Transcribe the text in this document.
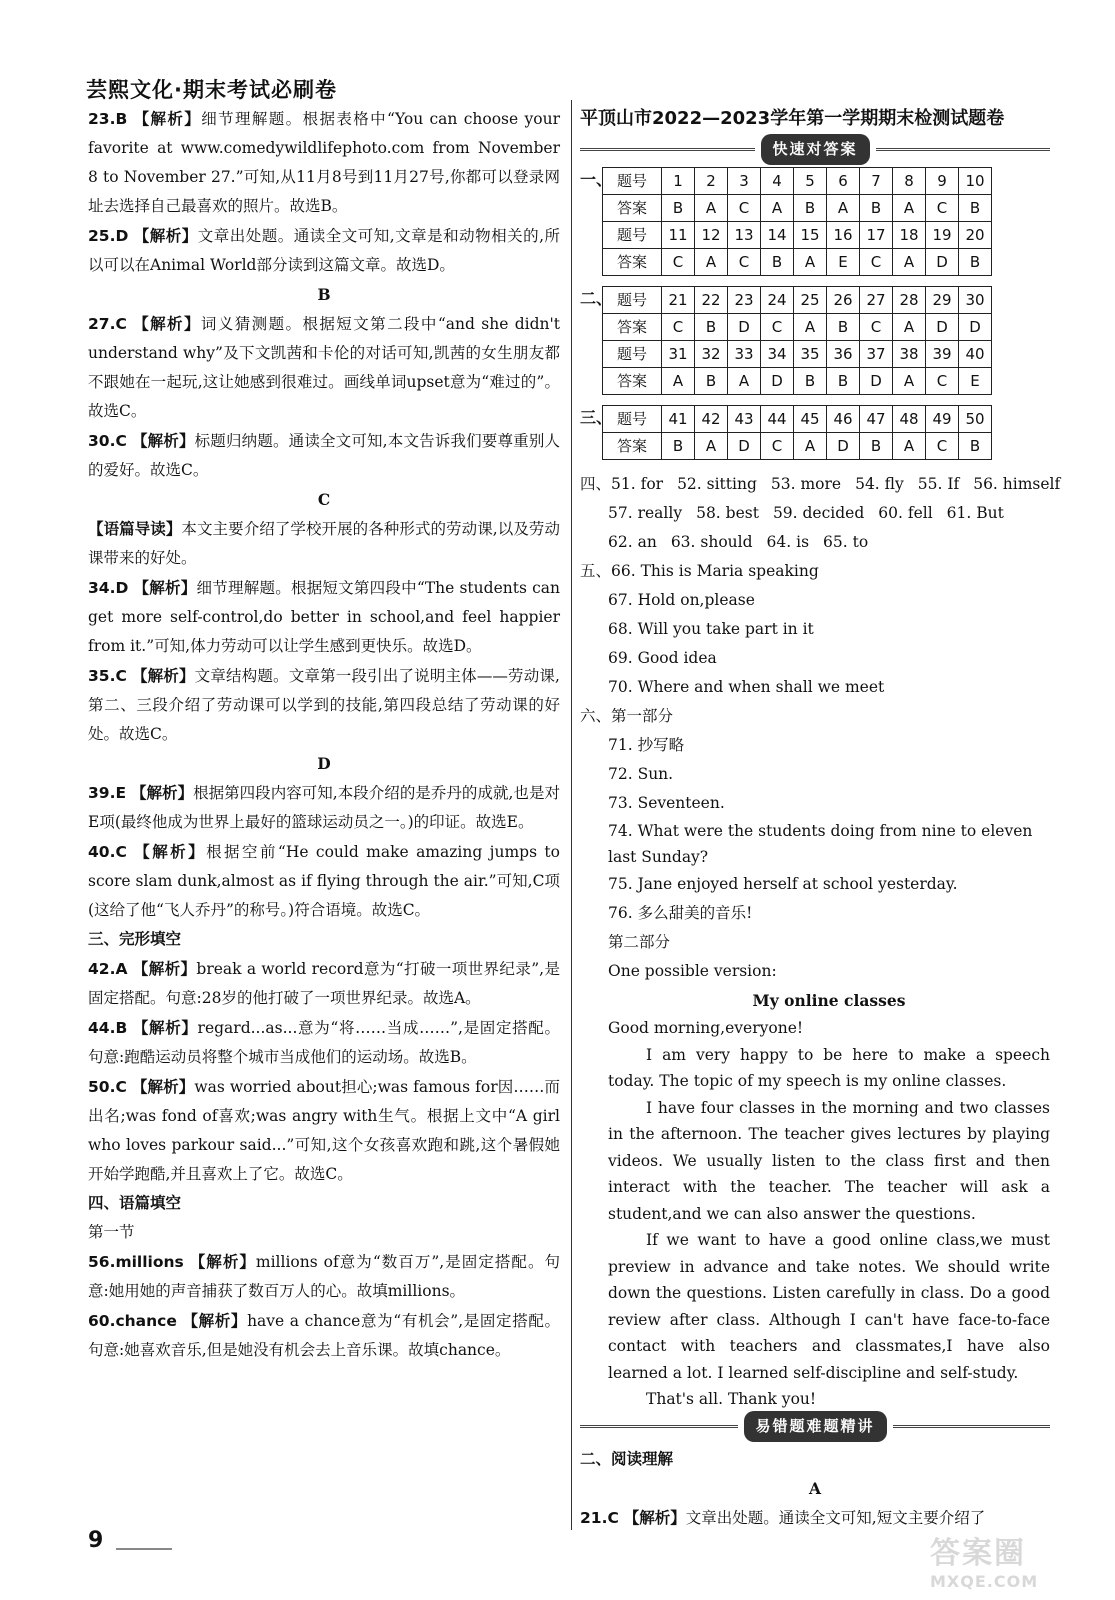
芸熙文化·期末考试必刷卷

23.B 【解析】细节理解题。根据表格中“You can choose your favorite at www.comedywildlifephoto.com from November 8 to November 27.”可知,从11月8号到11月27号,你都可以登录网址去选择自己最喜欢的照片。故选B。

25.D 【解析】文章出处题。通读全文可知,文章是和动物相关的,所以可以在Animal World部分读到这篇文章。故选D。

B

27.C 【解析】词义猜测题。根据短文第二段中“and she didn't understand why”及下文凯茜和卡伦的对话可知,凯茜的女生朋友都不跟她在一起玩,这让她感到很难过。画线单词upset意为“难过的”。故选C。

30.C 【解析】标题归纳题。通读全文可知,本文告诉我们要尊重别人的爱好。故选C。

C

【语篇导读】本文主要介绍了学校开展的各种形式的劳动课,以及劳动课带来的好处。

34.D 【解析】细节理解题。根据短文第四段中“The students can get more self-control,do better in school,and feel happier from it.”可知,体力劳动可以让学生感到更快乐。故选D。

35.C 【解析】文章结构题。文章第一段引出了说明主体——劳动课,第二、三段介绍了劳动课可以学到的技能,第四段总结了劳动课的好处。故选C。

D

39.E 【解析】根据第四段内容可知,本段介绍的是乔丹的成就,也是对E项(最终他成为世界上最好的篮球运动员之一。)的印证。故选E。

40.C 【解析】根据空前“He could make amazing jumps to score slam dunk,almost as if flying through the air.”可知,C项(这给了他“飞人乔丹”的称号。)符合语境。故选C。

三、完形填空

42.A 【解析】break a world record意为“打破一项世界纪录”,是固定搭配。句意:28岁的他打破了一项世界纪录。故选A。

44.B 【解析】regard...as...意为“将……当成……”,是固定搭配。句意:跑酷运动员将整个城市当成他们的运动场。故选B。

50.C 【解析】was worried about担心;was famous for因……而出名;was fond of喜欢;was angry with生气。根据上文中“A girl who loves parkour said...”可知,这个女孩喜欢跑和跳,这个暑假她开始学跑酷,并且喜欢上了它。故选C。

四、语篇填空

第一节

56.millions 【解析】millions of意为“数百万”,是固定搭配。句意:她用她的声音捕获了数百万人的心。故填millions。

60.chance 【解析】have a chance意为“有机会”,是固定搭配。句意:她喜欢音乐,但是她没有机会去上音乐课。故填chance。

平顶山市2022—2023学年第一学期期末检测试题卷

快速对答案
一、 题号	1	2	3	4	5	6	7	8	9	10
答案	B	A	C	A	B	A	B	A	C	B
题号	11	12	13	14	15	16	17	18	19	20
答案	C	A	C	B	A	E	C	A	D	B
二、 题号	21	22	23	24	25	26	27	28	29	30
答案	C	B	D	C	A	B	C	A	D	D
题号	31	32	33	34	35	36	37	38	39	40
答案	A	B	A	D	B	B	D	A	C	E
三、 题号	41	42	43	44	45	46	47	48	49	50
答案	B	A	D	C	A	D	B	A	C	B

四、51. for 52. sitting 53. more 54. fly 55. If 56. himself

57. really 58. best 59. decided 60. fell 61. But

62. an 63. should 64. is 65. to

五、66. This is Maria speaking

67. Hold on,please

68. Will you take part in it

69. Good idea

70. Where and when shall we meet

六、第一部分

71. 抄写略

72. Sun.

73. Seventeen.

74. What were the students doing from nine to eleven last Sunday?

75. Jane enjoyed herself at school yesterday.

76. 多么甜美的音乐!

第二部分

One possible version:

My online classes

Good morning,everyone!

I am very happy to be here to make a speech today. The topic of my speech is my online classes.

I have four classes in the morning and two classes in the afternoon. The teacher gives lectures by playing videos. We usually listen to the class first and then interact with the teacher. The teacher will ask a student,and we can also answer the questions.

If we want to have a good online class,we must preview in advance and take notes. We should write down the questions. Listen carefully in class. Do a good review after class. Although I can't have face-to-face contact with teachers and classmates,I have also learned a lot. I learned self-discipline and self-study.

That's all. Thank you!

易错题难题精讲

二、阅读理解

A

21.C 【解析】文章出处题。通读全文可知,短文主要介绍了

9	答案圈
MXQE.COM
